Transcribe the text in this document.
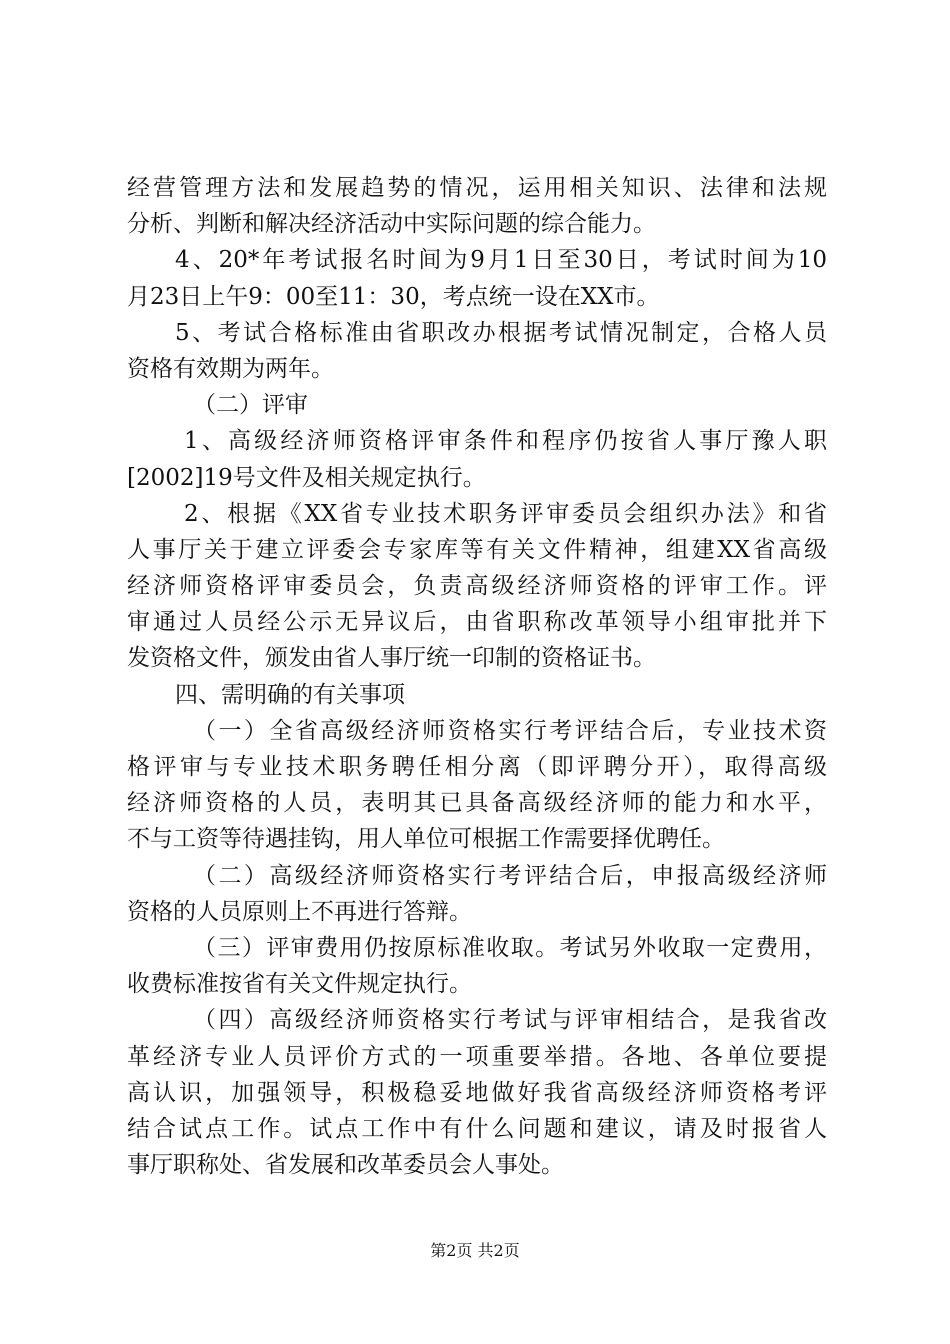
经营管理方法和发展趋势的情况，运用相关知识、法律和法规
分析、判断和解决经济活动中实际问题的综合能力。
4、20*年考试报名时间为9月1日至30日，考试时间为10
月23日上午9：00至11：30，考点统一设在XX市。
5、考试合格标准由省职改办根据考试情况制定，合格人员
资格有效期为两年。
（二）评审
1、高级经济师资格评审条件和程序仍按省人事厅豫人职
[2002]19号文件及相关规定执行。
2、根据《XX省专业技术职务评审委员会组织办法》和省
人事厅关于建立评委会专家库等有关文件精神，组建XX省高级
经济师资格评审委员会，负责高级经济师资格的评审工作。评
审通过人员经公示无异议后，由省职称改革领导小组审批并下
发资格文件，颁发由省人事厅统一印制的资格证书。
四、需明确的有关事项
（一）全省高级经济师资格实行考评结合后，专业技术资
格评审与专业技术职务聘任相分离（即评聘分开），取得高级
经济师资格的人员，表明其已具备高级经济师的能力和水平，
不与工资等待遇挂钩，用人单位可根据工作需要择优聘任。
（二）高级经济师资格实行考评结合后，申报高级经济师
资格的人员原则上不再进行答辩。
（三）评审费用仍按原标准收取。考试另外收取一定费用，
收费标准按省有关文件规定执行。
（四）高级经济师资格实行考试与评审相结合，是我省改
革经济专业人员评价方式的一项重要举措。各地、各单位要提
高认识，加强领导，积极稳妥地做好我省高级经济师资格考评
结合试点工作。试点工作中有什么问题和建议，请及时报省人
事厅职称处、省发展和改革委员会人事处。
第2页 共2页
